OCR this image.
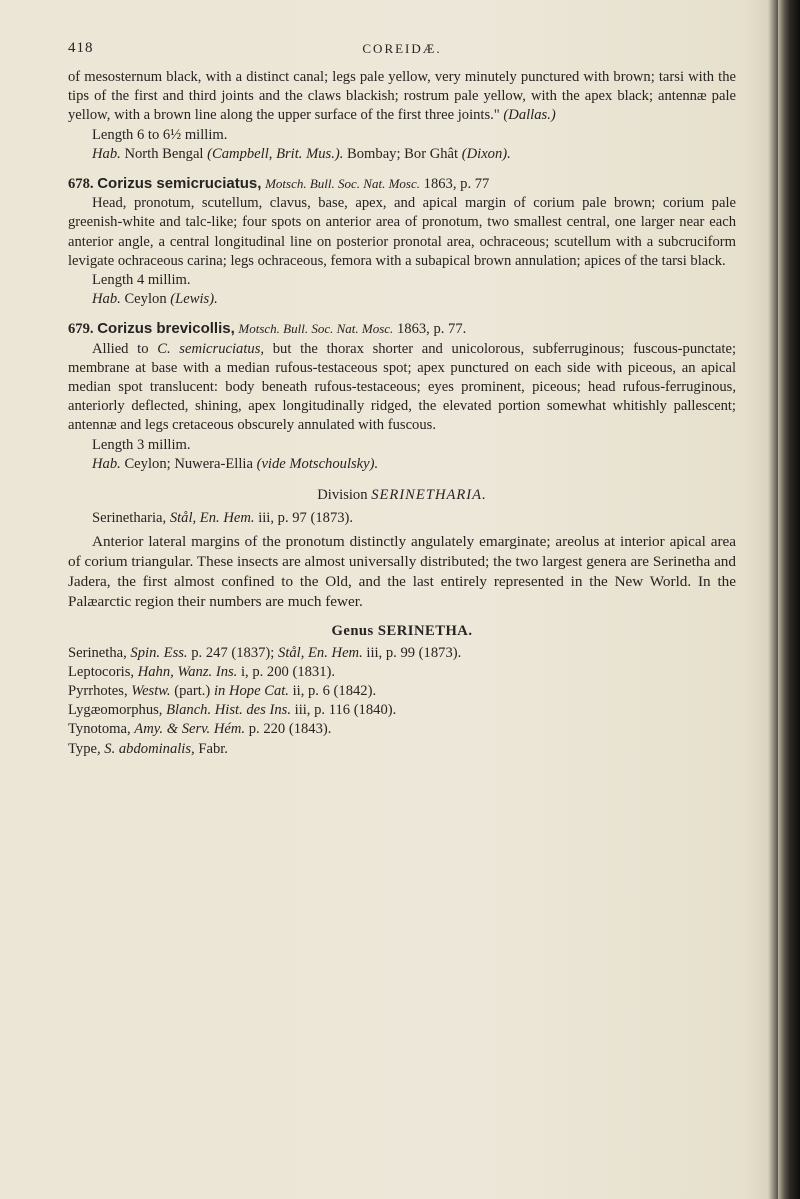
418	COREIDÆ.

of mesosternum black, with a distinct canal; legs pale yellow, very minutely punctured with brown; tarsi with the tips of the first and third joints and the claws blackish; rostrum pale yellow, with the apex black; antennæ pale yellow, with a brown line along the upper surface of the first three joints." (Dallas.)

Length 6 to 6½ millim.

Hab. North Bengal (Campbell, Brit. Mus.). Bombay; Bor Ghât (Dixon).

678. Corizus semicruciatus, Motsch. Bull. Soc. Nat. Mosc. 1863, p. 77

Head, pronotum, scutellum, clavus, base, apex, and apical margin of corium pale brown; corium pale greenish-white and talc-like; four spots on anterior area of pronotum, two smallest central, one larger near each anterior angle, a central longitudinal line on posterior pronotal area, ochraceous; scutellum with a subcruciform levigate ochraceous carina; legs ochraceous, femora with a subapical brown annulation; apices of the tarsi black.

Length 4 millim.

Hab. Ceylon (Lewis).

679. Corizus brevicollis, Motsch. Bull. Soc. Nat. Mosc. 1863, p. 77.

Allied to C. semicruciatus, but the thorax shorter and unicolorous, subferruginous; fuscous-punctate; membrane at base with a median rufous-testaceous spot; apex punctured on each side with piceous, an apical median spot translucent: body beneath rufous-testaceous; eyes prominent, piceous; head rufous-ferruginous, anteriorly deflected, shining, apex longitudinally ridged, the elevated portion somewhat whitishly pallescent; antennæ and legs cretaceous obscurely annulated with fuscous.

Length 3 millim.

Hab. Ceylon; Nuwera-Ellia (vide Motschoulsky).

Division SERINETHARIA.

Serinetharia, Stål, En. Hem. iii, p. 97 (1873).

Anterior lateral margins of the pronotum distinctly angulately emarginate; areolus at interior apical area of corium triangular. These insects are almost universally distributed; the two largest genera are Serinetha and Jadera, the first almost confined to the Old, and the last entirely represented in the New World. In the Palæarctic region their numbers are much fewer.

Genus SERINETHA.

Serinetha, Spin. Ess. p. 247 (1837); Stål, En. Hem. iii, p. 99 (1873).

Leptocoris, Hahn, Wanz. Ins. i, p. 200 (1831).

Pyrrhotes, Westw. (part.) in Hope Cat. ii, p. 6 (1842).

Lygæomorphus, Blanch. Hist. des Ins. iii, p. 116 (1840).

Tynotoma, Amy. & Serv. Hém. p. 220 (1843).

Type, S. abdominalis, Fabr.
